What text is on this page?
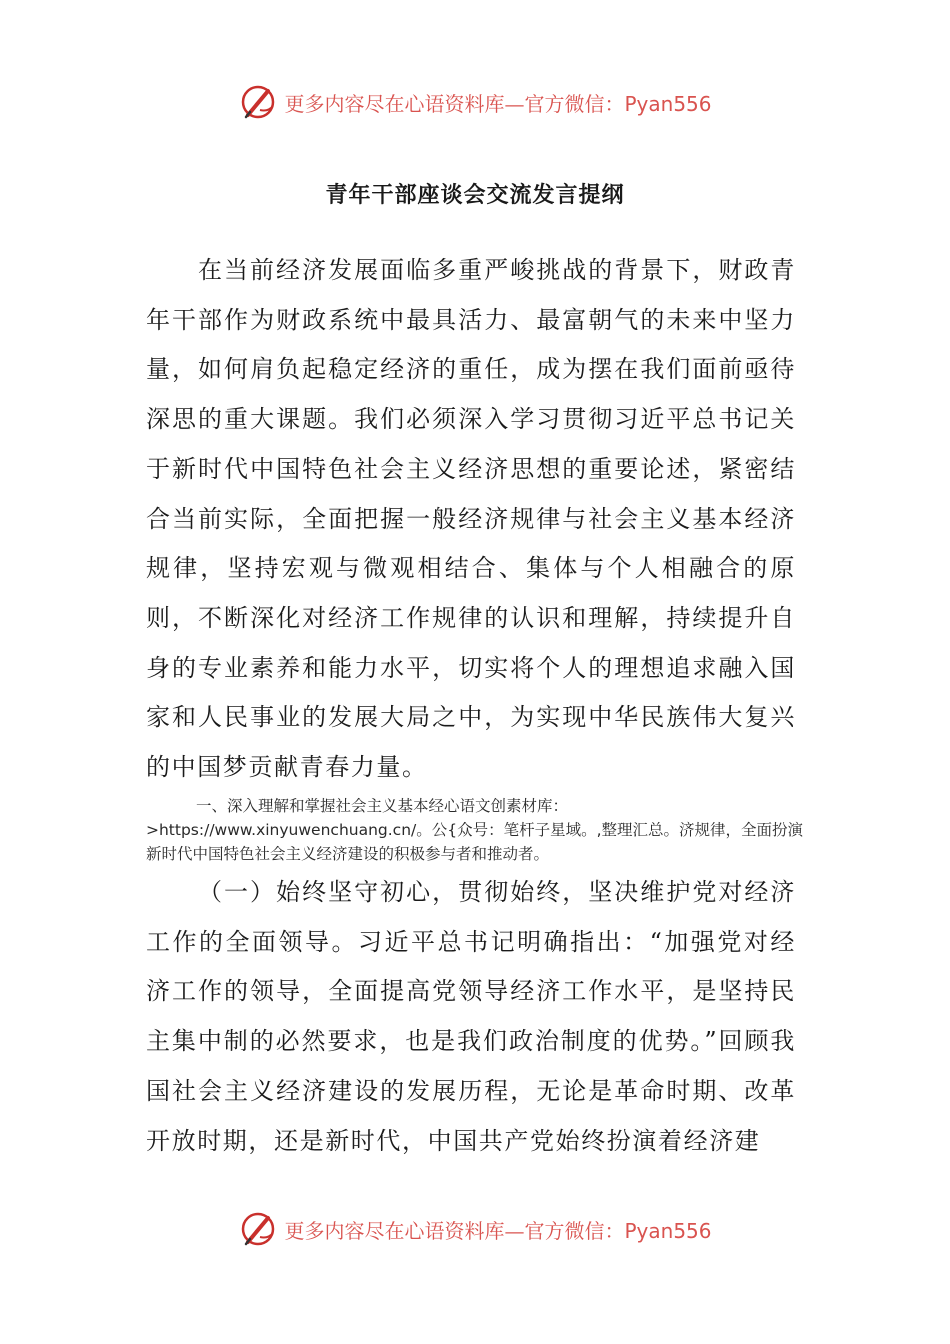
更多内容尽在心语资料库—官方微信：Pyan556
青年干部座谈会交流发言提纲

在当前经济发展面临多重严峻挑战的背景下，财政青年干部作为财政系统中最具活力、最富朝气的未来中坚力量，如何肩负起稳定经济的重任，成为摆在我们面前亟待深思的重大课题。我们必须深入学习贯彻习近平总书记关于新时代中国特色社会主义经济思想的重要论述，紧密结合当前实际，全面把握一般经济规律与社会主义基本经济规律，坚持宏观与微观相结合、集体与个人相融合的原则，不断深化对经济工作规律的认识和理解，持续提升自身的专业素养和能力水平，切实将个人的理想追求融入国家和人民事业的发展大局之中，为实现中华民族伟大复兴的中国梦贡献青春力量。

一、深入理解和掌握社会主义基本经心语文创素材库：>https://www.xinyuwenchuang.cn/。公{众号：笔杆子星域。,整理汇总。济规律，全面扮演新时代中国特色社会主义经济建设的积极参与者和推动者。

（一）始终坚守初心，贯彻始终，坚决维护党对经济工作的全面领导。习近平总书记明确指出：“加强党对经济工作的领导，全面提高党领导经济工作水平，是坚持民主集中制的必然要求，也是我们政治制度的优势。”回顾我国社会主义经济建设的发展历程，无论是革命时期、改革开放时期，还是新时代，中国共产党始终扮演着经济建

更多内容尽在心语资料库—官方微信：Pyan556
